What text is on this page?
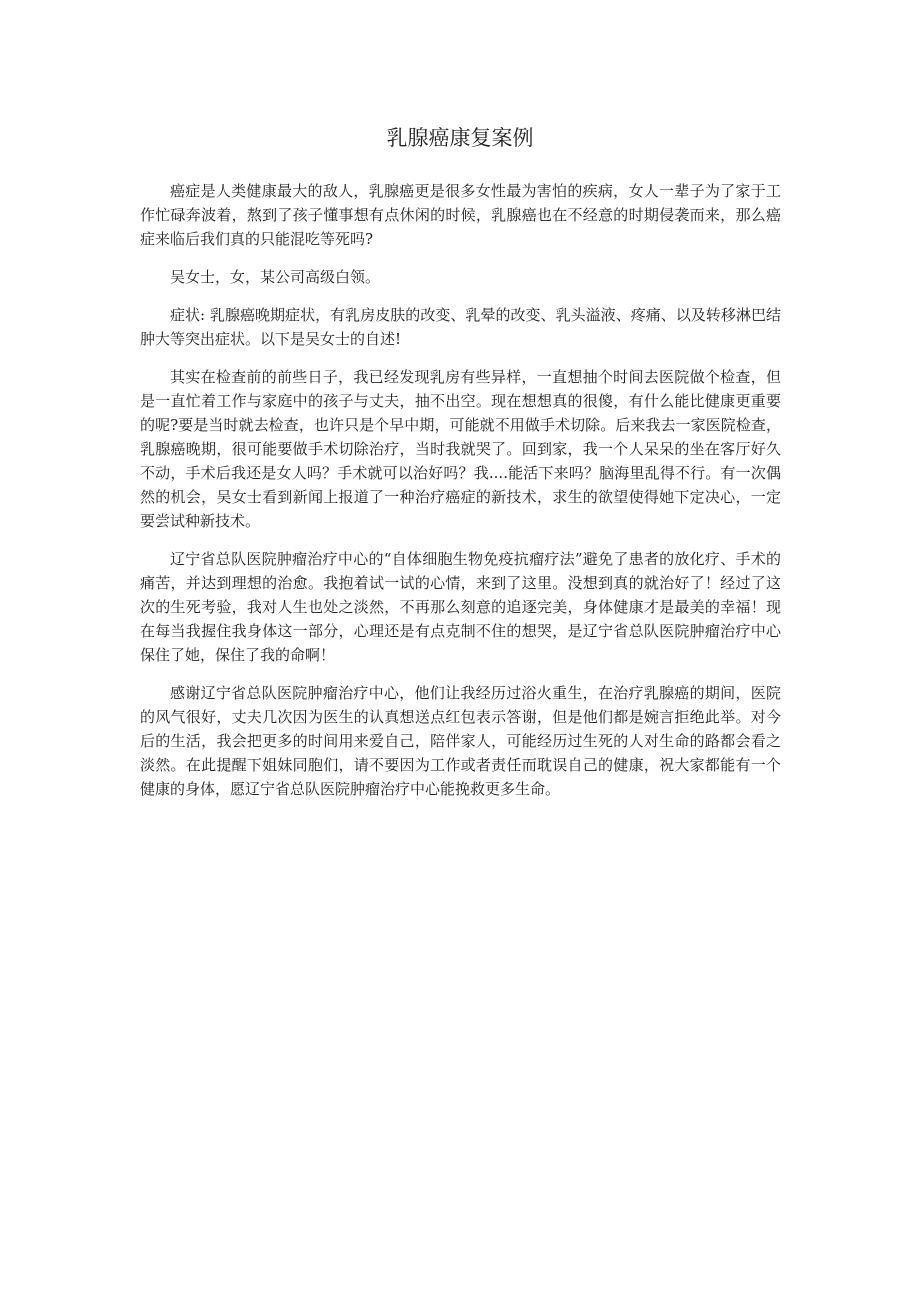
乳腺癌康复案例

癌症是人类健康最大的敌人，乳腺癌更是很多女性最为害怕的疾病，女人一辈子为了家于工作忙碌奔波着，熬到了孩子懂事想有点休闲的时候，乳腺癌也在不经意的时期侵袭而来，那么癌症来临后我们真的只能混吃等死吗?

吴女士，女，某公司高级白领。

症状: 乳腺癌晚期症状，有乳房皮肤的改变、乳晕的改变、乳头溢液、疼痛、以及转移淋巴结肿大等突出症状。以下是吴女士的自述!

其实在检查前的前些日子，我已经发现乳房有些异样，一直想抽个时间去医院做个检查，但是一直忙着工作与家庭中的孩子与丈夫，抽不出空。现在想想真的很傻，有什么能比健康更重要的呢?要是当时就去检查，也许只是个早中期，可能就不用做手术切除。后来我去一家医院检查，乳腺癌晚期，很可能要做手术切除治疗，当时我就哭了。回到家，我一个人呆呆的坐在客厅好久不动，手术后我还是女人吗？手术就可以治好吗？我....能活下来吗？脑海里乱得不行。有一次偶然的机会，吴女士看到新闻上报道了一种治疗癌症的新技术，求生的欲望使得她下定决心，一定要尝试种新技术。

辽宁省总队医院肿瘤治疗中心的“自体细胞生物免疫抗瘤疗法”避免了患者的放化疗、手术的痛苦，并达到理想的治愈。我抱着试一试的心情，来到了这里。没想到真的就治好了！经过了这次的生死考验，我对人生也处之淡然，不再那么刻意的追逐完美，身体健康才是最美的幸福！现在每当我握住我身体这一部分，心理还是有点克制不住的想哭，是辽宁省总队医院肿瘤治疗中心保住了她，保住了我的命啊！

感谢辽宁省总队医院肿瘤治疗中心，他们让我经历过浴火重生，在治疗乳腺癌的期间，医院的风气很好，丈夫几次因为医生的认真想送点红包表示答谢，但是他们都是婉言拒绝此举。对今后的生活，我会把更多的时间用来爱自己，陪伴家人，可能经历过生死的人对生命的路都会看之淡然。在此提醒下姐妹同胞们，请不要因为工作或者责任而耽误自己的健康，祝大家都能有一个健康的身体，愿辽宁省总队医院肿瘤治疗中心能挽救更多生命。
